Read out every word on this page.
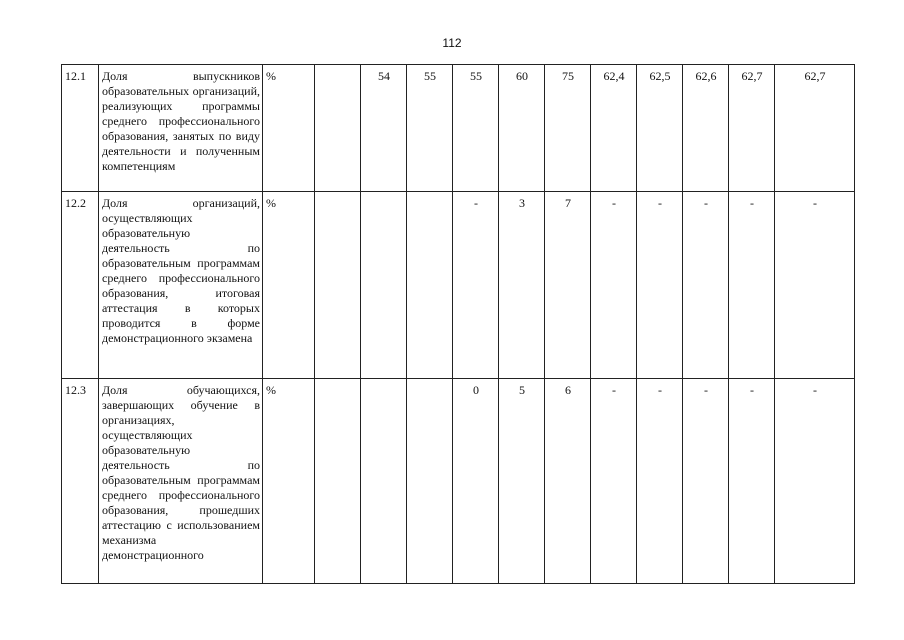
112
12.1	Доля выпускников образовательных организаций, реализующих программы среднего профессионального образования, занятых по виду деятельности и полученным компетенциям	%		54	55	55	60	75	62,4	62,5	62,6	62,7	62,7	
12.2	Доля организаций, осуществляющих образовательную деятельность по образовательным программам среднего профессионального образования, итоговая аттестация в которых проводится в форме демонстрационного экзамена	%				-	3	7	-	-	-	-	-	
12.3	Доля обучающихся, завершающих обучение в организациях, осуществляющих образовательную деятельность по образовательным программам среднего профессионального образования, прошедших аттестацию с использованием механизма демонстрационного	%				0	5	6	-	-	-	-	-	
